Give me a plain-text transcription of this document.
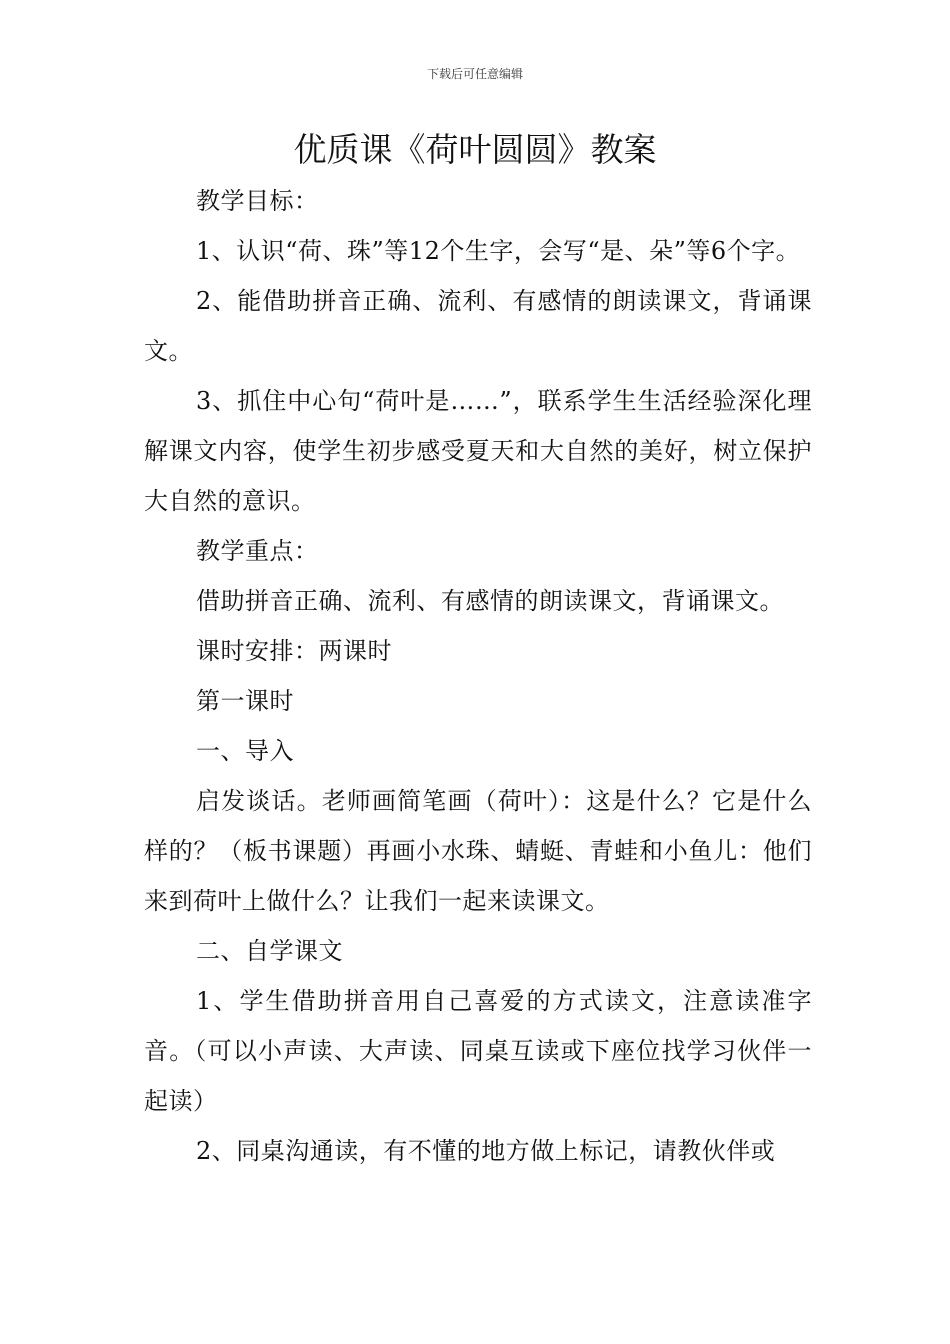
下载后可任意编辑
优质课《荷叶圆圆》教案

教学目标：

1、认识“荷、珠”等12个生字，会写“是、朵”等6个字。

2、能借助拼音正确、流利、有感情的朗读课文，背诵课文。

3、抓住中心句“荷叶是……”，联系学生生活经验深化理解课文内容，使学生初步感受夏天和大自然的美好，树立保护大自然的意识。

教学重点：

借助拼音正确、流利、有感情的朗读课文，背诵课文。

课时安排：两课时

第一课时

一、导入

启发谈话。老师画简笔画（荷叶）：这是什么？它是什么样的？（板书课题）再画小水珠、蜻蜓、青蛙和小鱼儿：他们来到荷叶上做什么？让我们一起来读课文。

二、自学课文

1、学生借助拼音用自己喜爱的方式读文，注意读准字音。（可以小声读、大声读、同桌互读或下座位找学习伙伴一起读）

2、同桌沟通读，有不懂的地方做上标记，请教伙伴或
